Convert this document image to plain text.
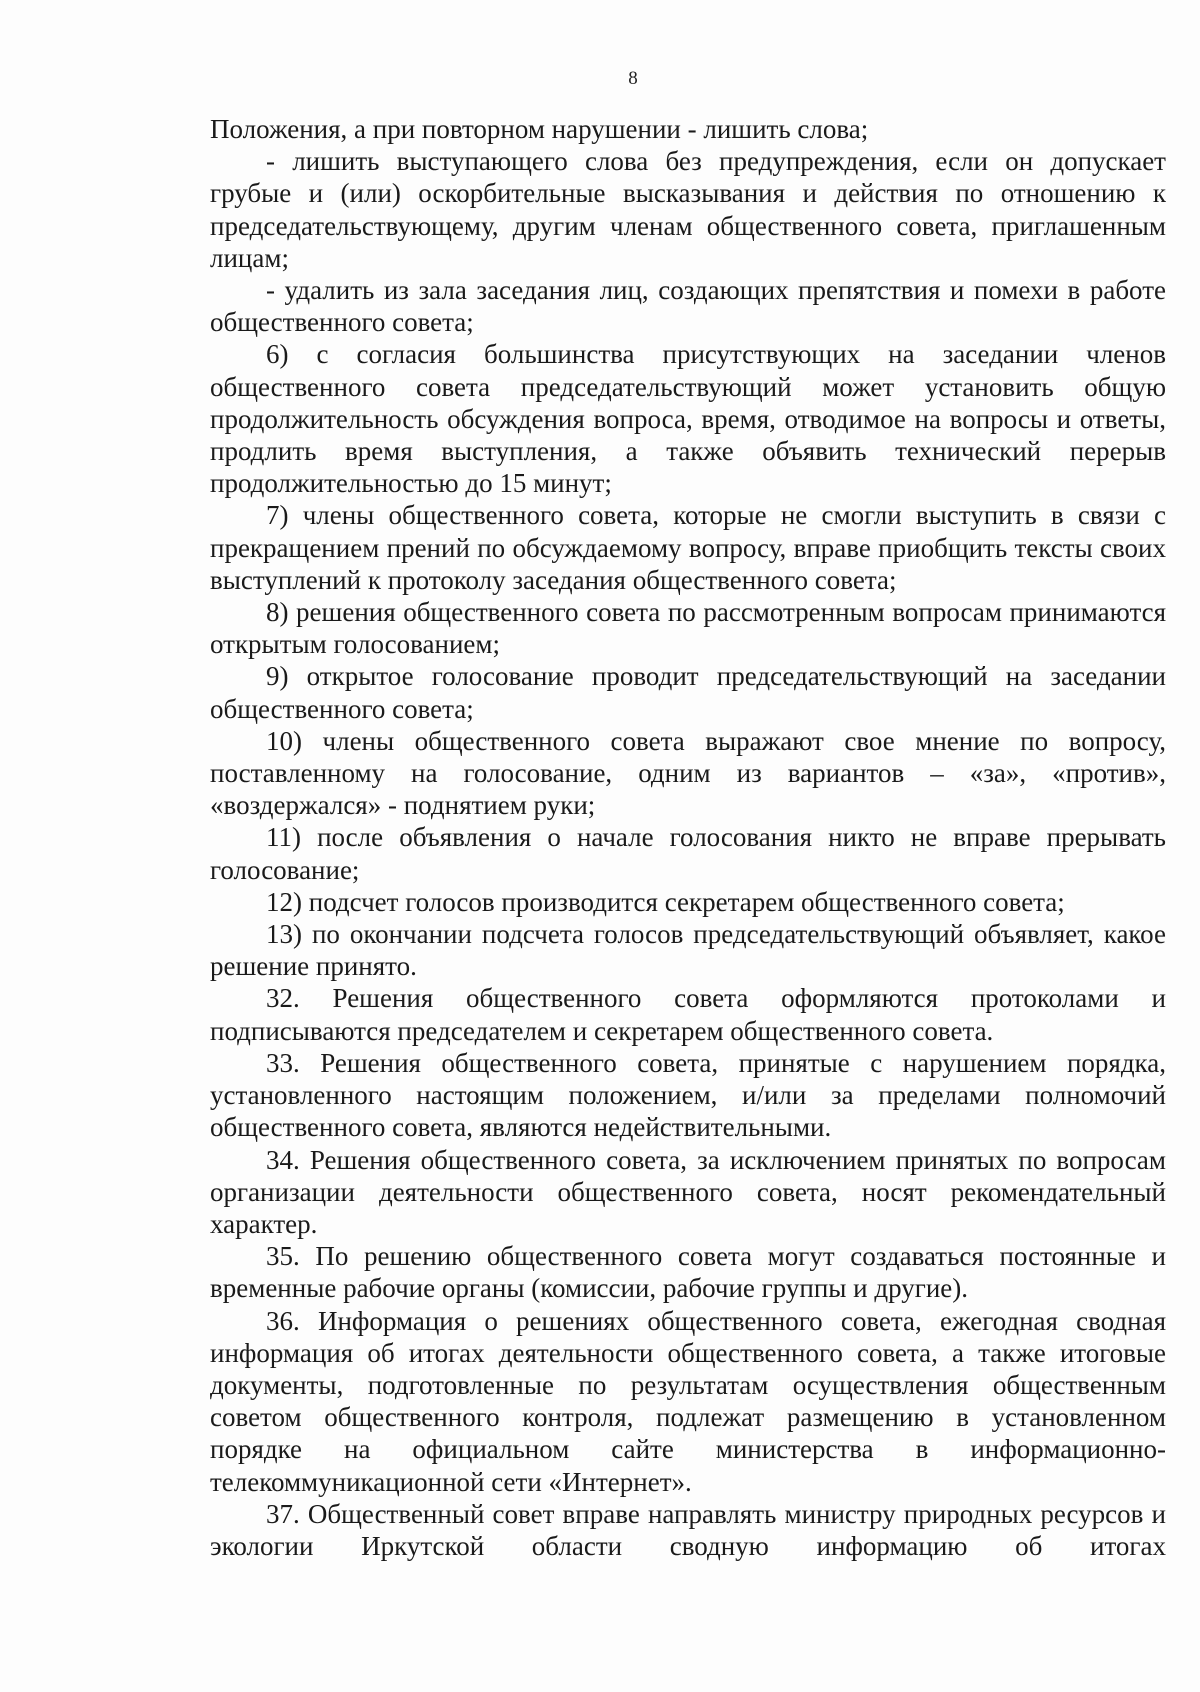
8

Положения, а при повторном нарушении - лишить слова;

- лишить выступающего слова без предупреждения, если он допускает грубые и (или) оскорбительные высказывания и действия по отношению к председательствующему, другим членам общественного совета, приглашенным лицам;

- удалить из зала заседания лиц, создающих препятствия и помехи в работе общественного совета;

6) с согласия большинства присутствующих на заседании членов общественного совета председательствующий может установить общую продолжительность обсуждения вопроса, время, отводимое на вопросы и ответы, продлить время выступления, а также объявить технический перерыв продолжительностью до 15 минут;

7) члены общественного совета, которые не смогли выступить в связи с прекращением прений по обсуждаемому вопросу, вправе приобщить тексты своих выступлений к протоколу заседания общественного совета;

8) решения общественного совета по рассмотренным вопросам принимаются открытым голосованием;

9) открытое голосование проводит председательствующий на заседании общественного совета;

10) члены общественного совета выражают свое мнение по вопросу, поставленному на голосование, одним из вариантов – «за», «против», «воздержался» - поднятием руки;

11) после объявления о начале голосования никто не вправе прерывать голосование;

12) подсчет голосов производится секретарем общественного совета;

13) по окончании подсчета голосов председательствующий объявляет, какое решение принято.

32. Решения общественного совета оформляются протоколами и подписываются председателем и секретарем общественного совета.

33. Решения общественного совета, принятые с нарушением порядка, установленного настоящим положением, и/или за пределами полномочий общественного совета, являются недействительными.

34. Решения общественного совета, за исключением принятых по вопросам организации деятельности общественного совета, носят рекомендательный характер.

35. По решению общественного совета могут создаваться постоянные и временные рабочие органы (комиссии, рабочие группы и другие).

36. Информация о решениях общественного совета, ежегодная сводная информация об итогах деятельности общественного совета, а также итоговые документы, подготовленные по результатам осуществления общественным советом общественного контроля, подлежат размещению в установленном порядке на официальном сайте министерства в информационно-телекоммуникационной сети «Интернет».

37. Общественный совет вправе направлять министру природных ресурсов и экологии Иркутской области сводную информацию об итогах
